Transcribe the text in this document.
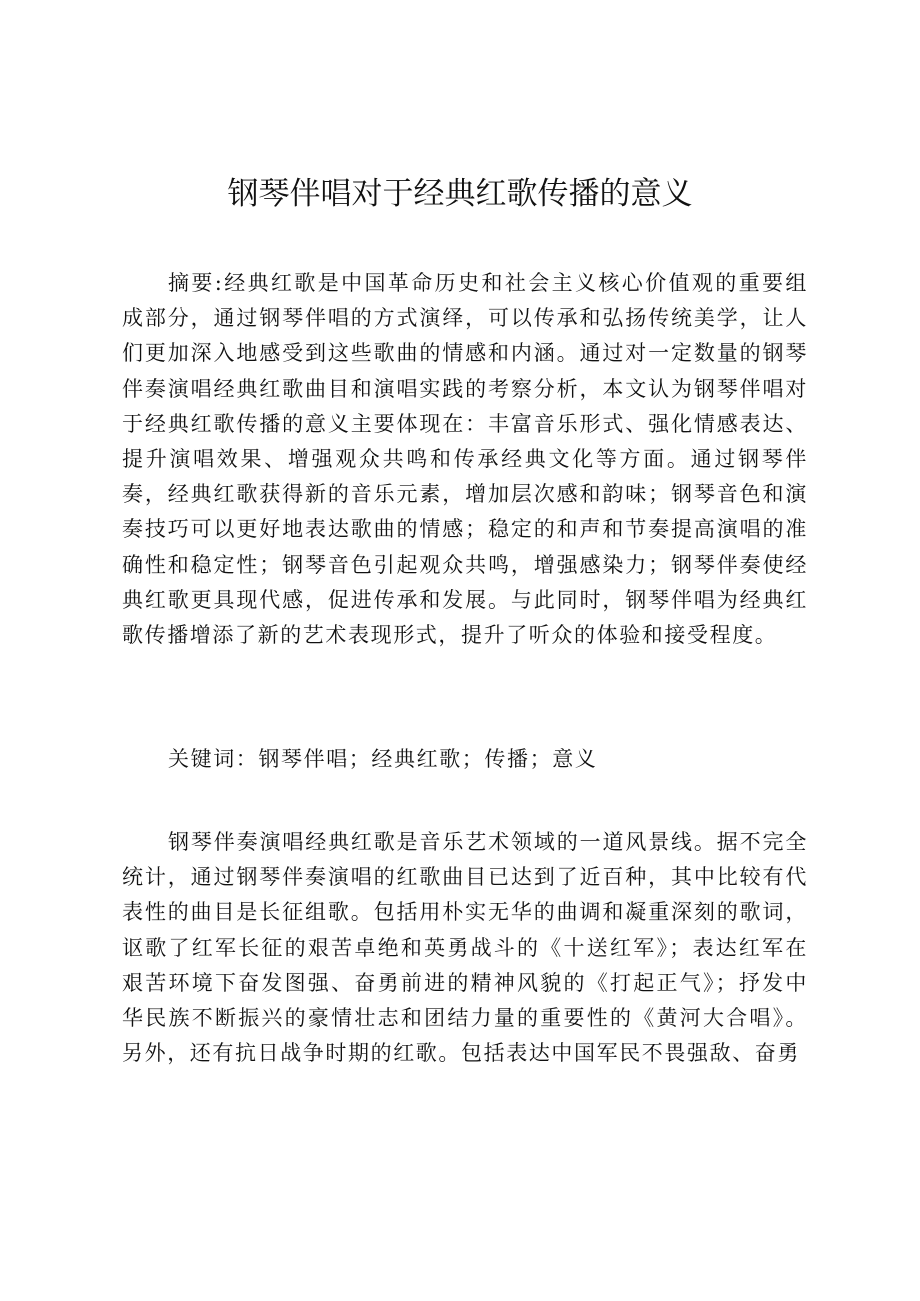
钢琴伴唱对于经典红歌传播的意义

摘要:经典红歌是中国革命历史和社会主义核心价值观的重要组成部分，通过钢琴伴唱的方式演绎，可以传承和弘扬传统美学，让人们更加深入地感受到这些歌曲的情感和内涵。通过对一定数量的钢琴伴奏演唱经典红歌曲目和演唱实践的考察分析，本文认为钢琴伴唱对于经典红歌传播的意义主要体现在：丰富音乐形式、强化情感表达、提升演唱效果、增强观众共鸣和传承经典文化等方面。通过钢琴伴奏，经典红歌获得新的音乐元素，增加层次感和韵味；钢琴音色和演奏技巧可以更好地表达歌曲的情感；稳定的和声和节奏提高演唱的准确性和稳定性；钢琴音色引起观众共鸣，增强感染力；钢琴伴奏使经典红歌更具现代感，促进传承和发展。与此同时，钢琴伴唱为经典红歌传播增添了新的艺术表现形式，提升了听众的体验和接受程度。

关键词：钢琴伴唱；经典红歌；传播；意义

钢琴伴奏演唱经典红歌是音乐艺术领域的一道风景线。据不完全统计，通过钢琴伴奏演唱的红歌曲目已达到了近百种，其中比较有代表性的曲目是长征组歌。包括用朴实无华的曲调和凝重深刻的歌词，讴歌了红军长征的艰苦卓绝和英勇战斗的《十送红军》；表达红军在艰苦环境下奋发图强、奋勇前进的精神风貌的《打起正气》；抒发中华民族不断振兴的豪情壮志和团结力量的重要性的《黄河大合唱》。另外，还有抗日战争时期的红歌。包括表达中国军民不畏强敌、奋勇
